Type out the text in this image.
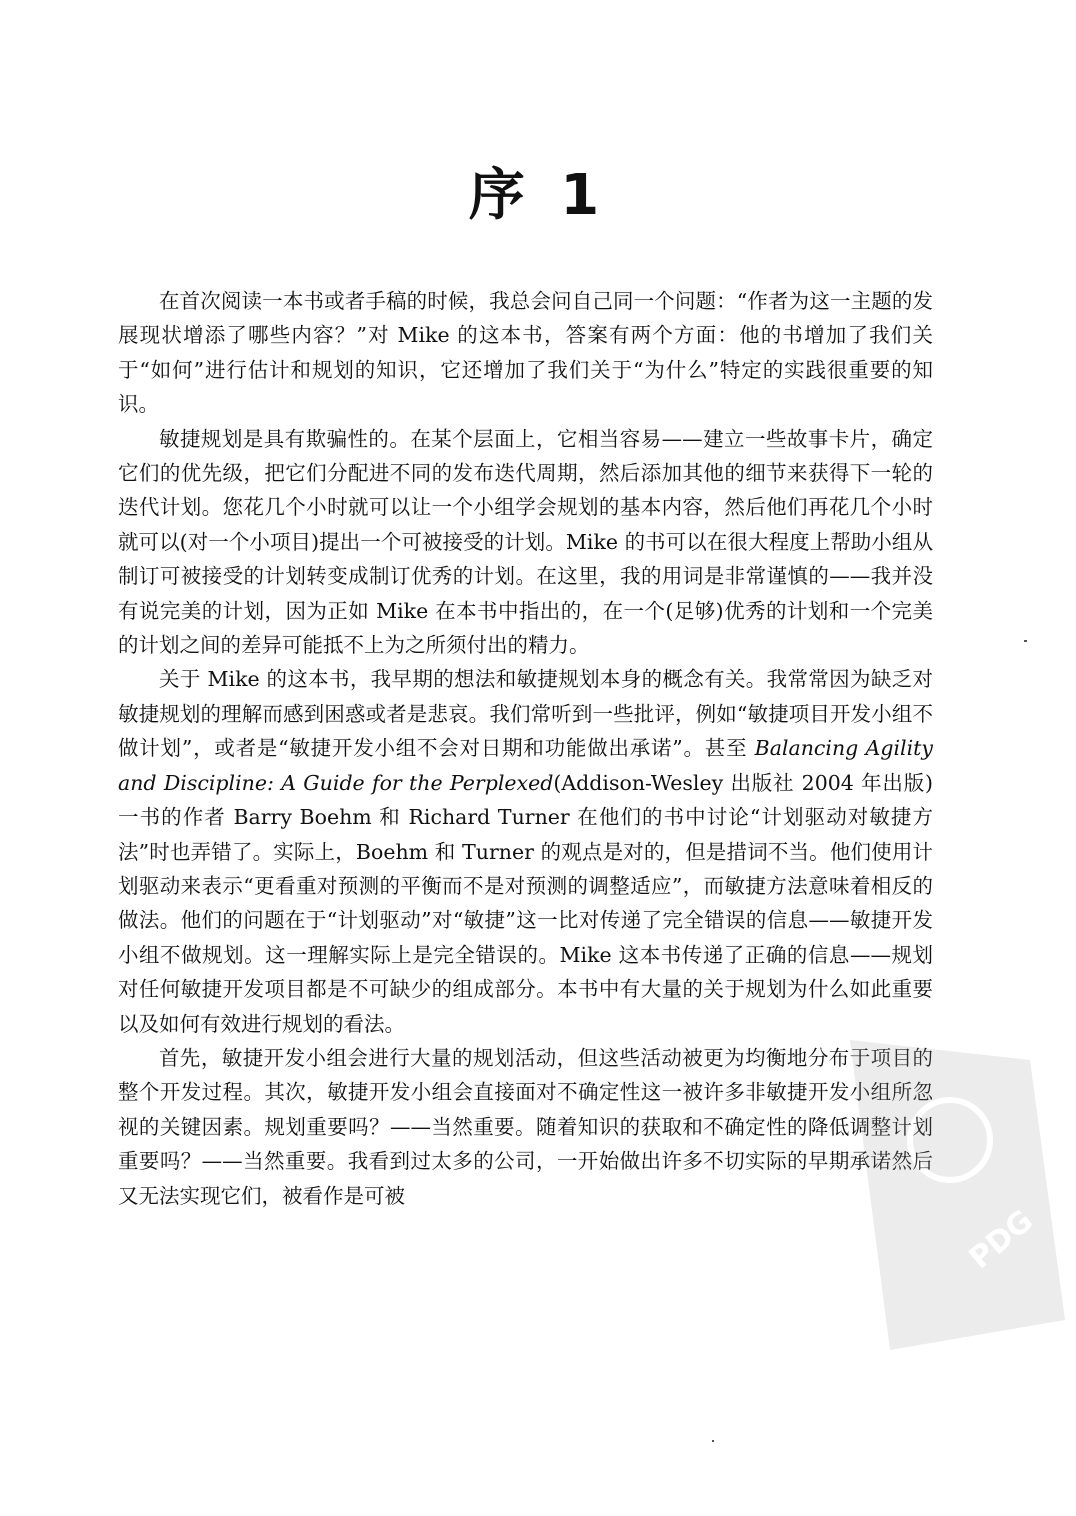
序 1

在首次阅读一本书或者手稿的时候，我总会问自己同一个问题：“作者为这一主题的发展现状增添了哪些内容？”对 Mike 的这本书，答案有两个方面：他的书增加了我们关于“如何”进行估计和规划的知识，它还增加了我们关于“为什么”特定的实践很重要的知识。

敏捷规划是具有欺骗性的。在某个层面上，它相当容易——建立一些故事卡片，确定它们的优先级，把它们分配进不同的发布迭代周期，然后添加其他的细节来获得下一轮的迭代计划。您花几个小时就可以让一个小组学会规划的基本内容，然后他们再花几个小时就可以(对一个小项目)提出一个可被接受的计划。Mike 的书可以在很大程度上帮助小组从制订可被接受的计划转变成制订优秀的计划。在这里，我的用词是非常谨慎的——我并没有说完美的计划，因为正如 Mike 在本书中指出的，在一个(足够)优秀的计划和一个完美的计划之间的差异可能抵不上为之所须付出的精力。

关于 Mike 的这本书，我早期的想法和敏捷规划本身的概念有关。我常常因为缺乏对敏捷规划的理解而感到困惑或者是悲哀。我们常听到一些批评，例如“敏捷项目开发小组不做计划”，或者是“敏捷开发小组不会对日期和功能做出承诺”。甚至 Balancing Agility and Discipline: A Guide for the Perplexed(Addison-Wesley 出版社 2004 年出版)一书的作者 Barry Boehm 和 Richard Turner 在他们的书中讨论“计划驱动对敏捷方法”时也弄错了。实际上，Boehm 和 Turner 的观点是对的，但是措词不当。他们使用计划驱动来表示“更看重对预测的平衡而不是对预测的调整适应”，而敏捷方法意味着相反的做法。他们的问题在于“计划驱动”对“敏捷”这一比对传递了完全错误的信息——敏捷开发小组不做规划。这一理解实际上是完全错误的。Mike 这本书传递了正确的信息——规划对任何敏捷开发项目都是不可缺少的组成部分。本书中有大量的关于规划为什么如此重要以及如何有效进行规划的看法。

首先，敏捷开发小组会进行大量的规划活动，但这些活动被更为均衡地分布于项目的整个开发过程。其次，敏捷开发小组会直接面对不确定性这一被许多非敏捷开发小组所忽视的关键因素。规划重要吗？——当然重要。随着知识的获取和不确定性的降低调整计划重要吗？——当然重要。我看到过太多的公司，一开始做出许多不切实际的早期承诺然后又无法实现它们，被看作是可被

PDG
